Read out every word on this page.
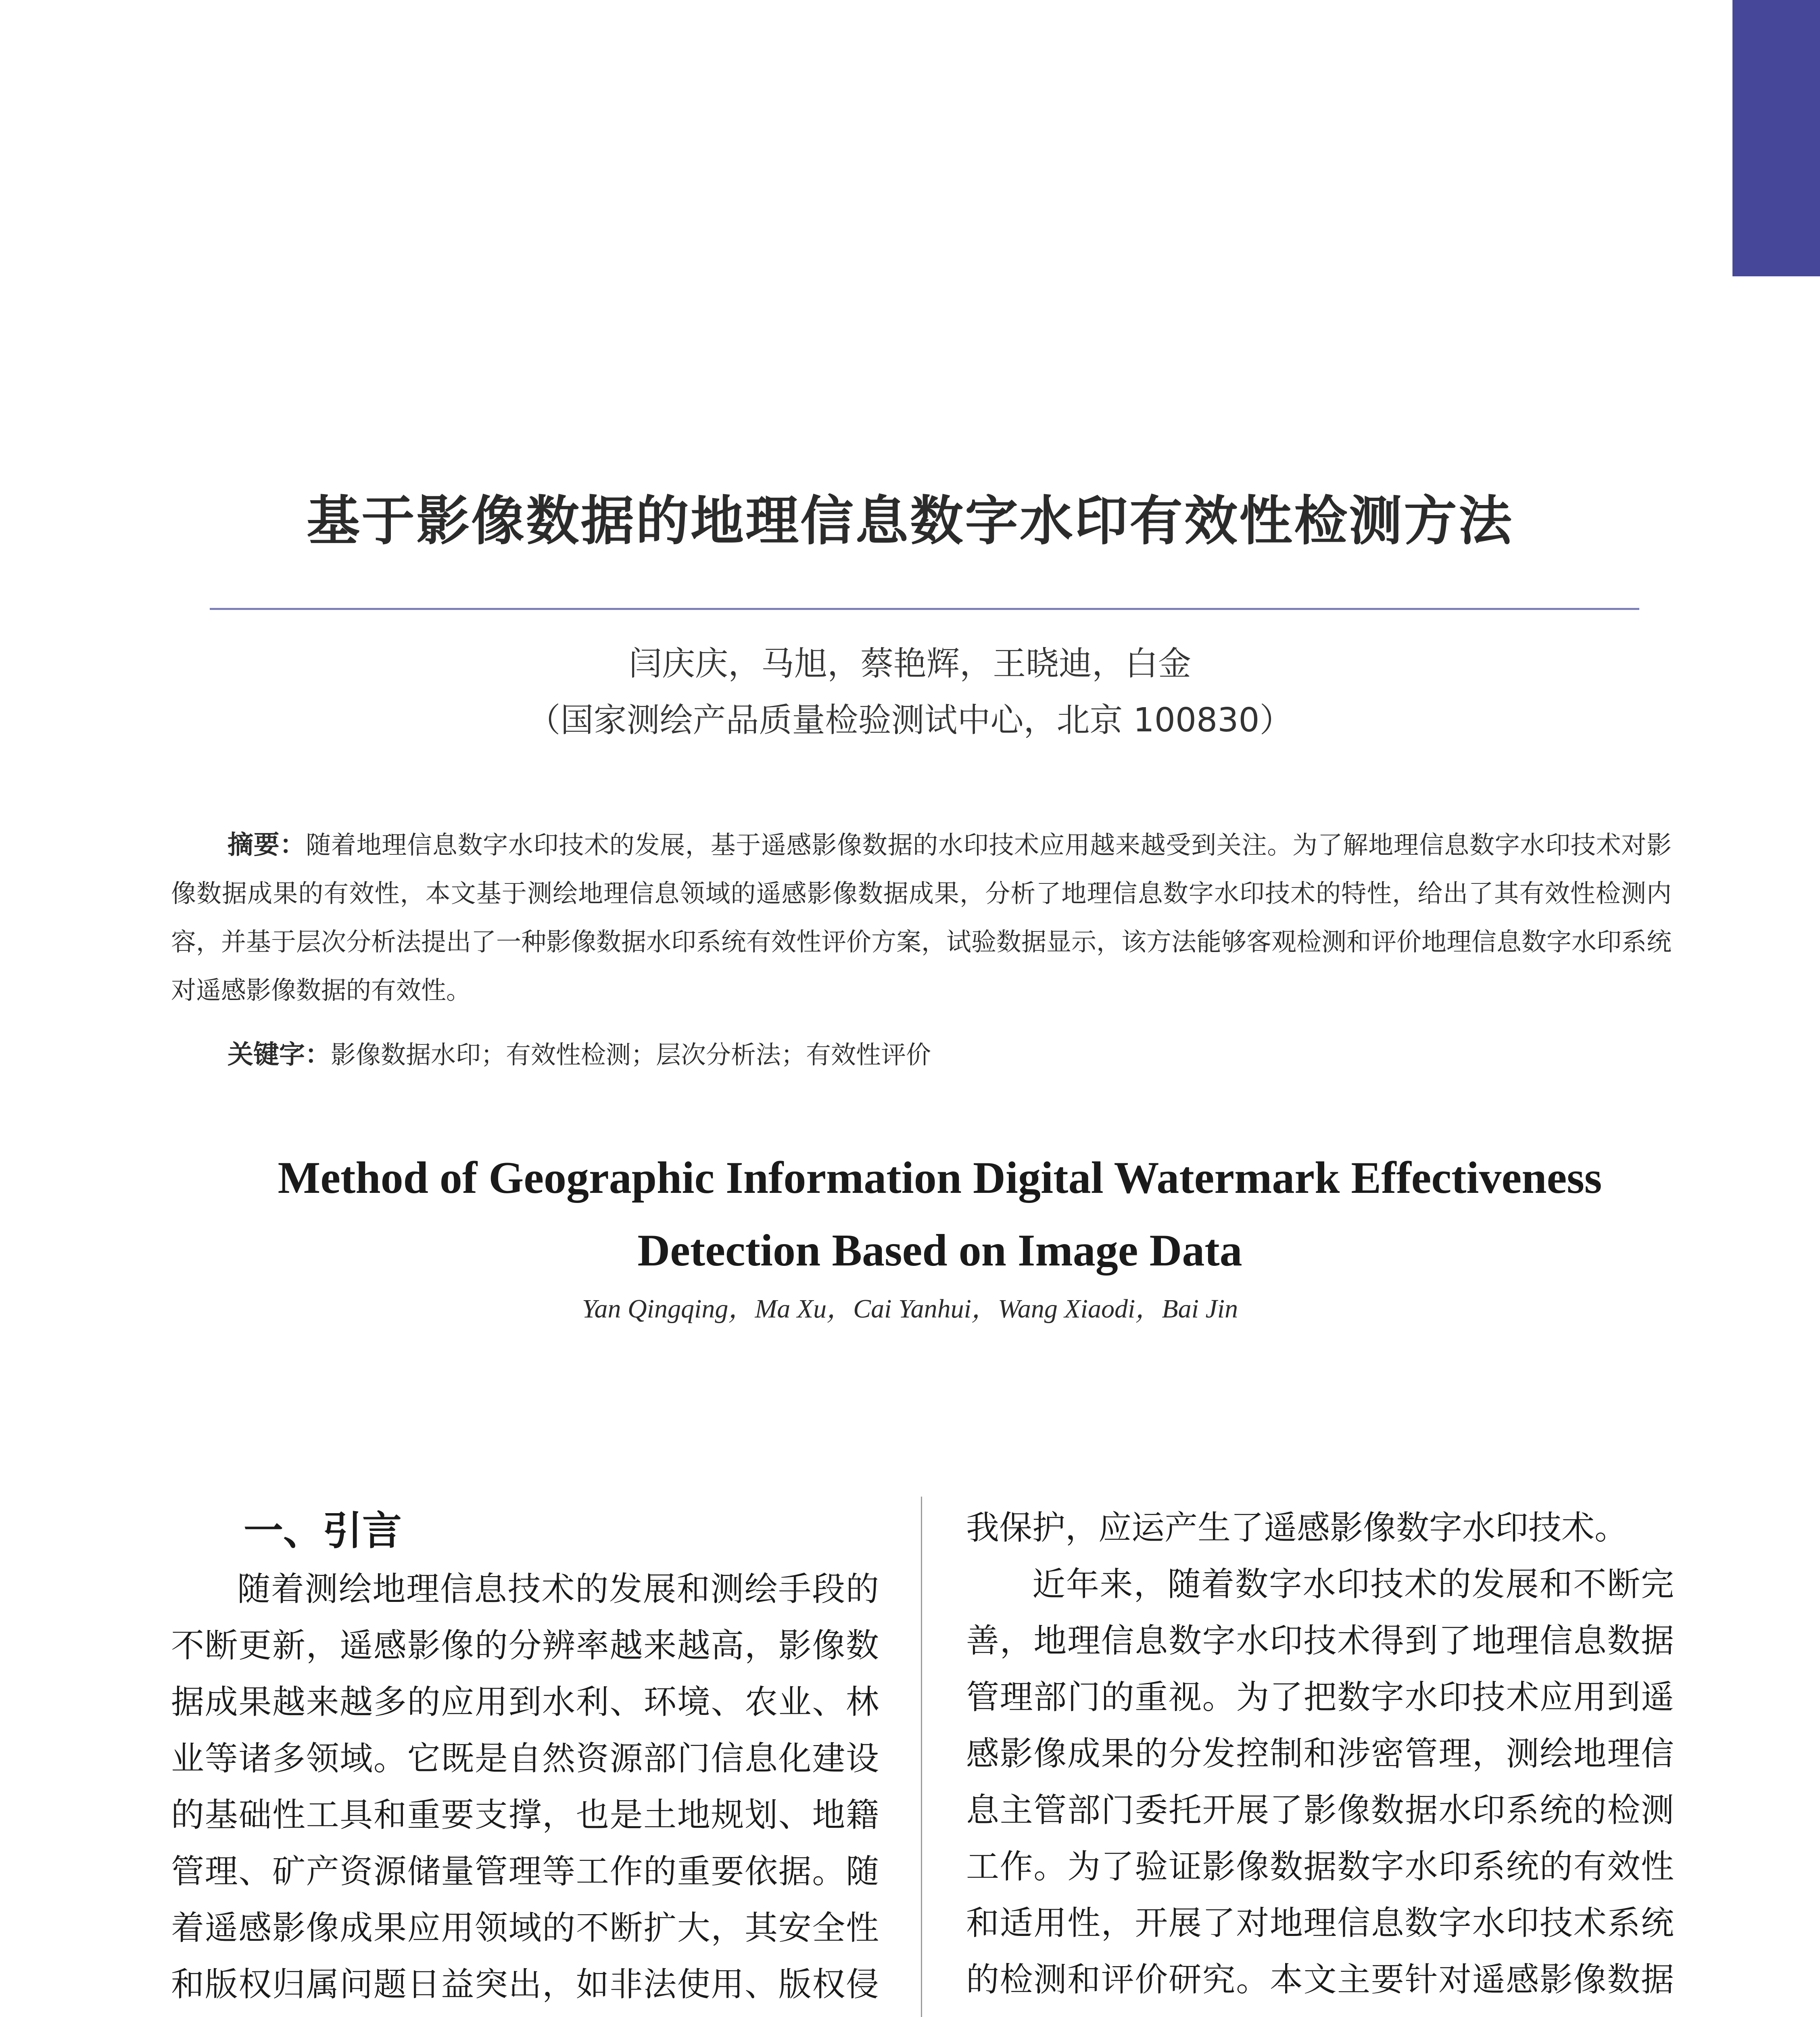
基于影像数据的地理信息数字水印有效性检测方法
闫庆庆，马旭，蔡艳辉，王晓迪，白金
（国家测绘产品质量检验测试中心，北京 100830）

摘要：随着地理信息数字水印技术的发展，基于遥感影像数据的水印技术应用越来越受到关注。为了解地理信息数字水印技术对影像数据成果的有效性，本文基于测绘地理信息领域的遥感影像数据成果，分析了地理信息数字水印技术的特性，给出了其有效性检测内容，并基于层次分析法提出了一种影像数据水印系统有效性评价方案，试验数据显示，该方法能够客观检测和评价地理信息数字水印系统对遥感影像数据的有效性。

关键字：影像数据水印；有效性检测；层次分析法；有效性评价

Method of Geographic Information Digital Watermark Effectiveness Detection Based on Image Data

Yan Qingqing，Ma Xu，Cai Yanhui，Wang Xiaodi，Bai Jin
一、引言

随着测绘地理信息技术的发展和测绘手段的不断更新，遥感影像的分辨率越来越高，影像数据成果越来越多的应用到水利、环境、农业、林业等诸多领域。它既是自然资源部门信息化建设的基础性工具和重要支撑，也是土地规划、地籍管理、矿产资源储量管理等工作的重要依据。随着遥感影像成果应用领域的不断扩大，其安全性和版权归属问题日益突出，如非法使用、版权侵

我保护，应运产生了遥感影像数字水印技术。

近年来，随着数字水印技术的发展和不断完善，地理信息数字水印技术得到了地理信息数据管理部门的重视。为了把数字水印技术应用到遥感影像成果的分发控制和涉密管理，测绘地理信息主管部门委托开展了影像数据水印系统的检测工作。为了验证影像数据数字水印系统的有效性和适用性，开展了对地理信息数字水印技术系统的检测和评价研究。本文主要针对遥感影像数据
